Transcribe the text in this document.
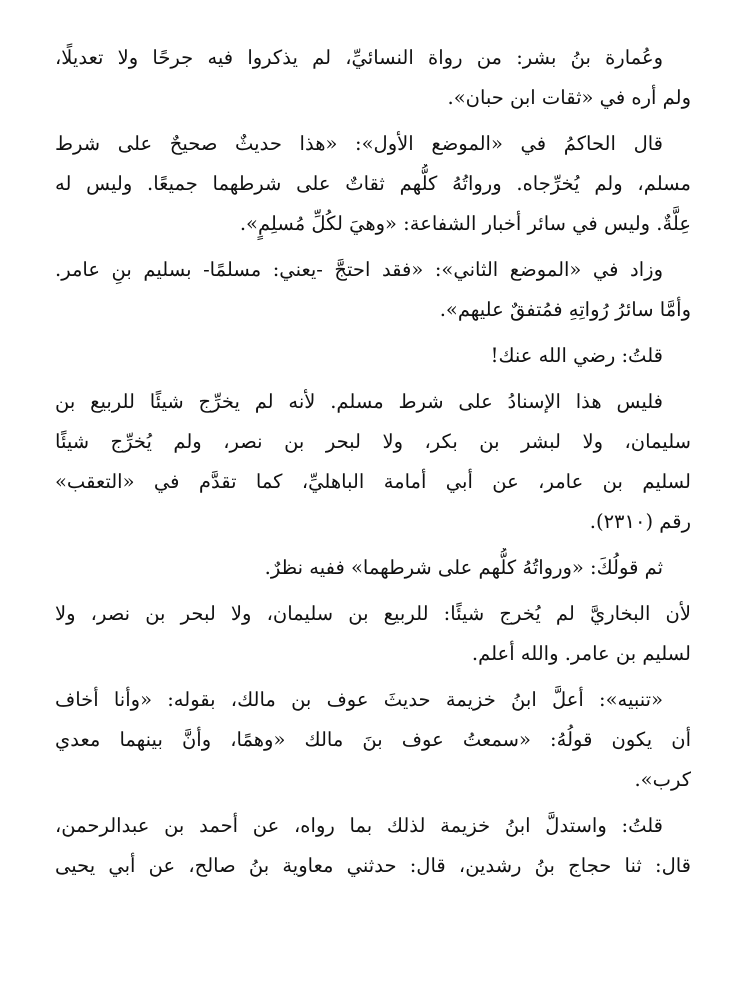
وعُمارة بنُ بشر: من رواة النسائيِّ، لم يذكروا فيه جرحًا ولا تعديلًا،
ولم أره في «ثقات ابن حبان».
قال الحاكمُ في «الموضع الأول»: «هذا حديثٌ صحيحٌ على شرط
مسلم، ولم يُخرِّجاه. ورواتُهُ كلُّهم ثقاتٌ على شرطهما جميعًا. وليس له
عِلَّةٌ. وليس في سائر أخبار الشفاعة: «وهيَ لكُلِّ مُسلِمٍ».
وزاد في «الموضع الثاني»: «فقد احتجَّ -يعني: مسلمًا- بسليم بنِ عامر.
وأمَّا سائرُ رُواتِهِ فمُتفقٌ عليهم».
قلتُ: رضي الله عنك!
فليس هذا الإسنادُ على شرط مسلم. لأنه لم يخرِّج شيئًا للربيع بن
سليمان، ولا لبشر بن بكر، ولا لبحر بن نصر، ولم يُخرِّج شيئًا
لسليم بن عامر، عن أبي أمامة الباهليِّ، كما تقدَّم في «التعقب»
رقم (٢٣١٠).
ثم قولُكَ: «ورواتُهُ كلُّهم على شرطهما» ففيه نظرٌ.
لأن البخاريَّ لم يُخرج شيئًا: للربيع بن سليمان، ولا لبحر بن نصر، ولا
لسليم بن عامر. والله أعلم.
«تنبيه»: أعلَّ ابنُ خزيمة حديثَ عوف بن مالك، بقوله: «وأنا أخاف
أن يكون قولُهُ: «سمعتُ عوف بنَ مالك «وهمًا، وأنَّ بينهما معدي
كرب».
قلتُ: واستدلَّ ابنُ خزيمة لذلك بما رواه، عن أحمد بن عبدالرحمن،
قال: ثنا حجاج بنُ رشدين، قال: حدثني معاوية بنُ صالح، عن أبي يحيى
